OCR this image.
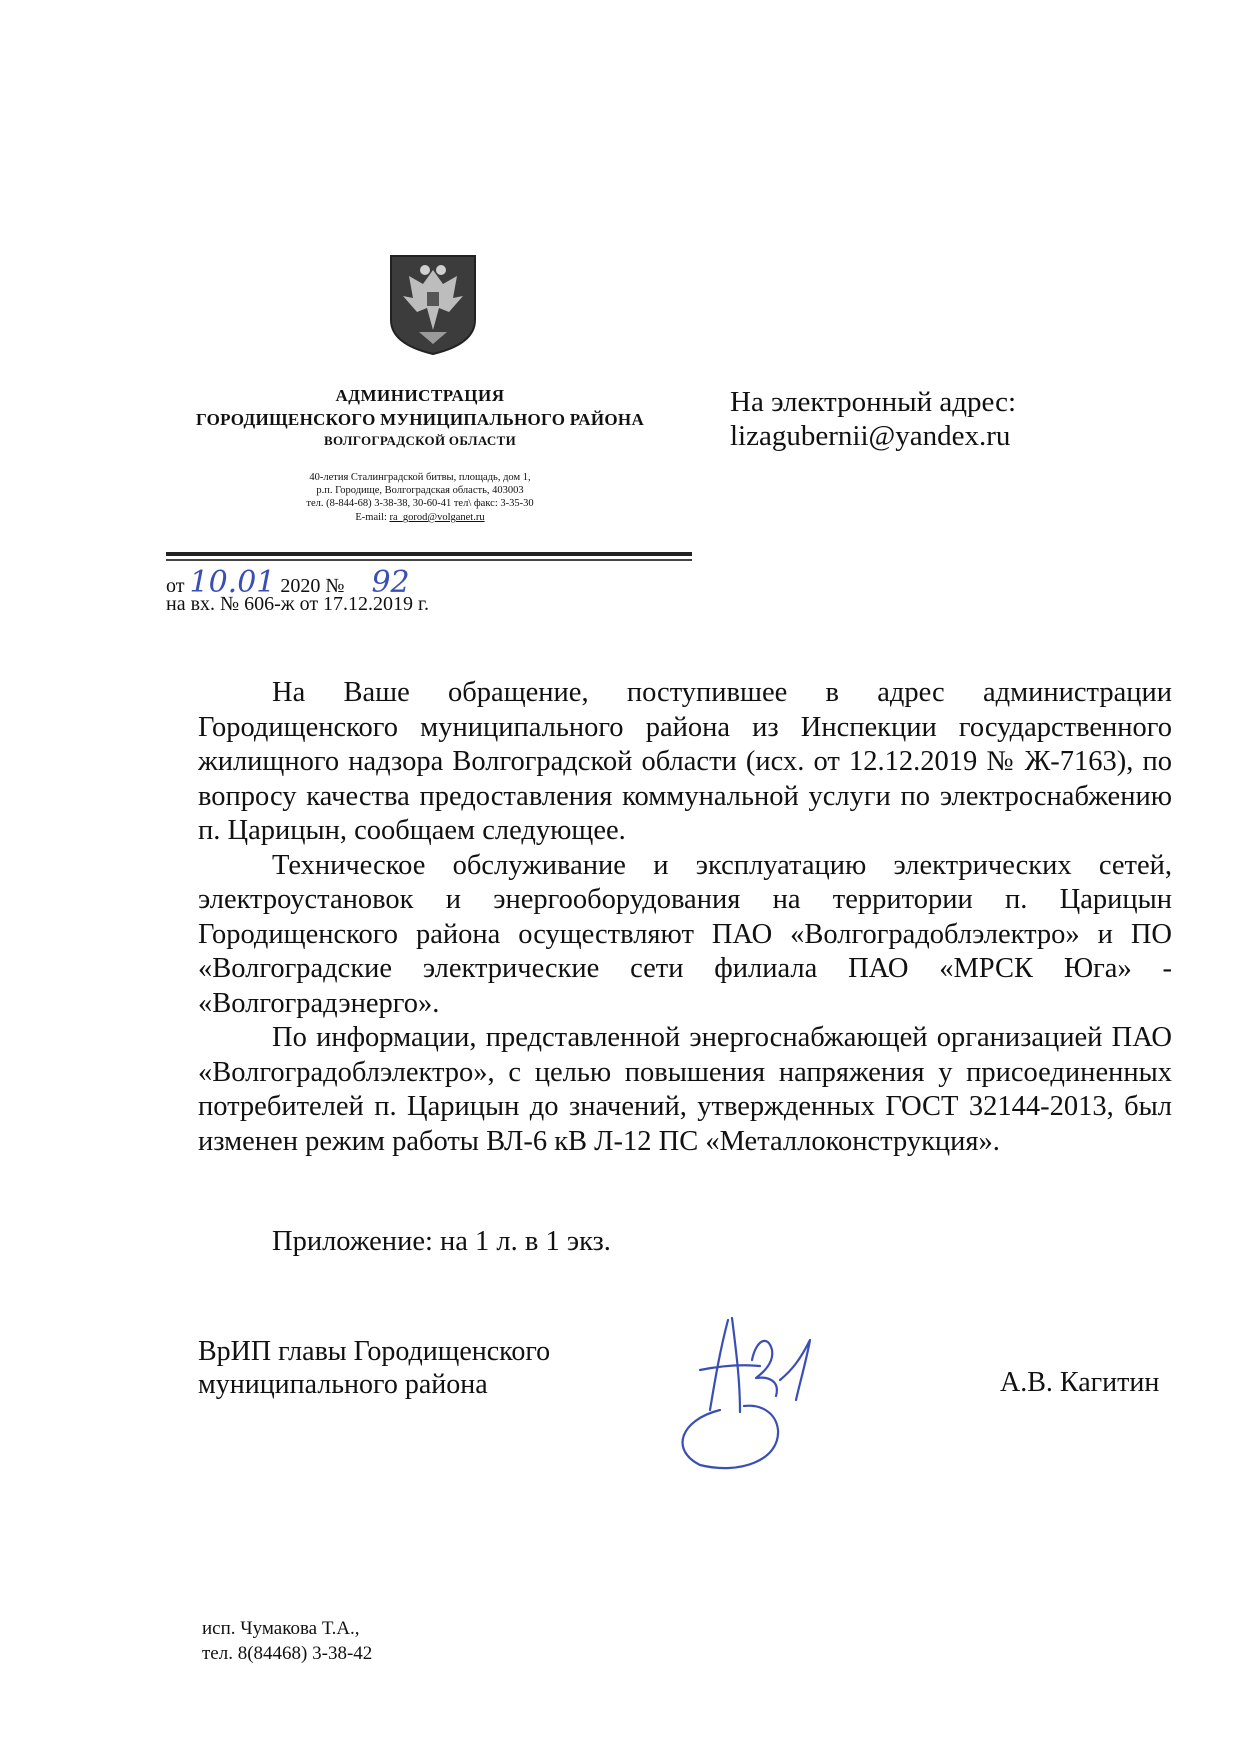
АДМИНИСТРАЦИЯ
ГОРОДИЩЕНСКОГО МУНИЦИПАЛЬНОГО РАЙОНА
ВОЛГОГРАДСКОЙ ОБЛАСТИ
40-летия Сталинградской битвы, площадь, дом 1,
р.п. Городище, Волгоградская область, 403003
тел. (8-844-68) 3-38-38, 30-60-41 тел\ факс: 3-35-30
E-mail: ra_gorod@volganet.ru
На электронный адрес:
lizagubernii@yandex.ru
от 10.01 2020 № 92
на вх. № 606-ж от 17.12.2019 г.

На Ваше обращение, поступившее в адрес администрации Городищенского муниципального района из Инспекции государственного жилищного надзора Волгоградской области (исх. от 12.12.2019 № Ж-7163), по вопросу качества предоставления коммунальной услуги по электроснабжению п. Царицын, сообщаем следующее.

Техническое обслуживание и эксплуатацию электрических сетей, электроустановок и энергооборудования на территории п. Царицын Городищенского района осуществляют ПАО «Волгоградоблэлектро» и ПО «Волгоградские электрические сети филиала ПАО «МРСК Юга» - «Волгоградэнерго».

По информации, представленной энергоснабжающей организацией ПАО «Волгоградоблэлектро», с целью повышения напряжения у присоединенных потребителей п. Царицын до значений, утвержденных ГОСТ 32144-2013, был изменен режим работы ВЛ-6 кВ Л-12 ПС «Металлоконструкция».

Приложение: на 1 л. в 1 экз.
ВрИП главы Городищенского
муниципального района	А.В. Кагитин
исп. Чумакова Т.А.,
тел. 8(84468) 3-38-42
